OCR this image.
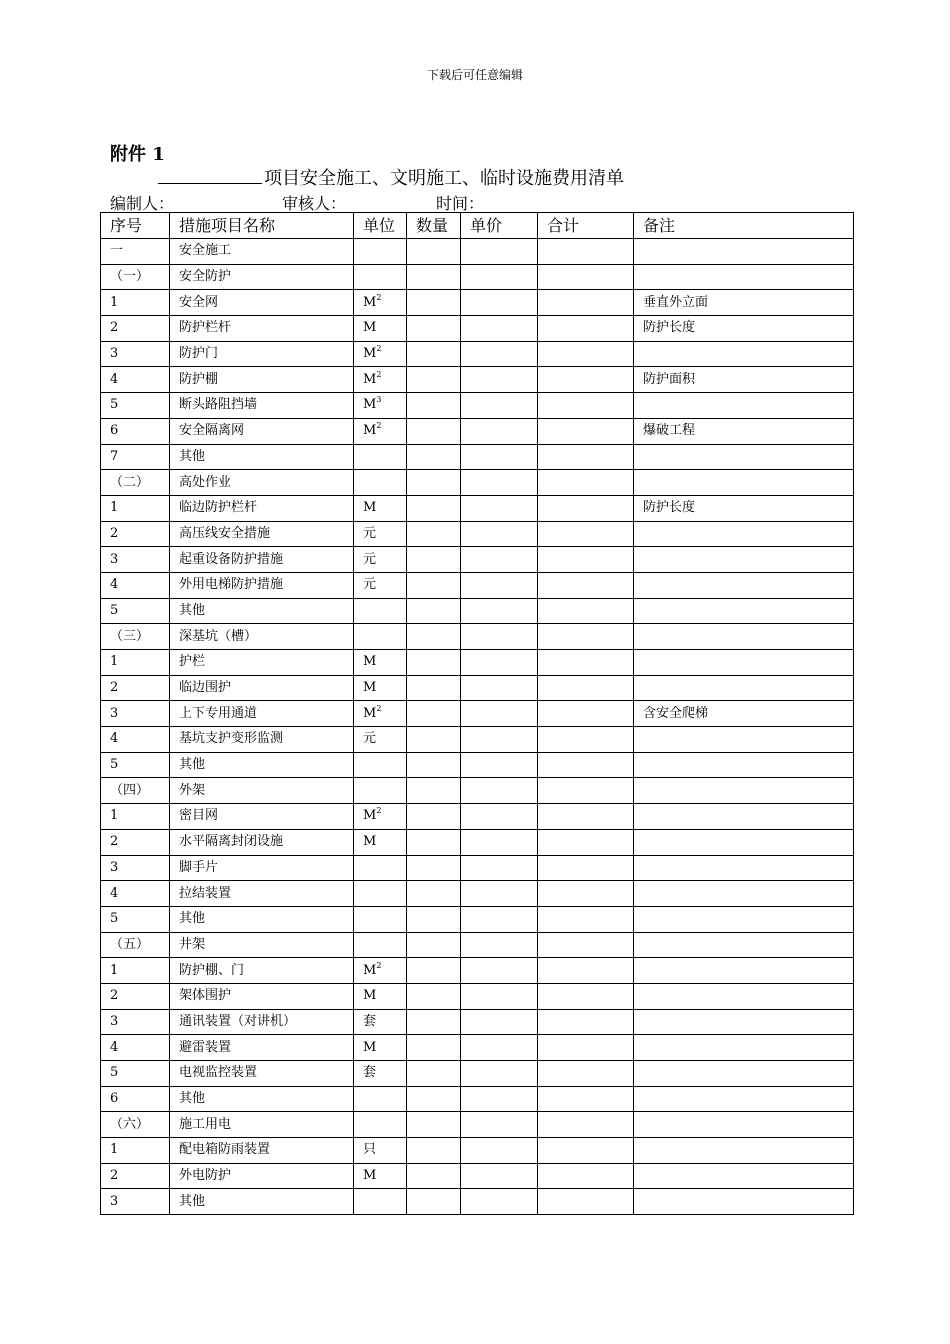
下载后可任意编辑
附件 1
项目安全施工、文明施工、临时设施费用清单
编制人：	审核人：	时间：
序号	措施项目名称	单位	数量	单价	合计	备注
一	安全施工					
（一）	安全防护					
1	安全网	$M^2$				垂直外立面
2	防护栏杆	M				防护长度
3	防护门	$M^2$				
4	防护棚	$M^2$				防护面积
5	断头路阻挡墙	$M^3$				
6	安全隔离网	$M^2$				爆破工程
7	其他					
（二）	高处作业					
1	临边防护栏杆	M				防护长度
2	高压线安全措施	元				
3	起重设备防护措施	元				
4	外用电梯防护措施	元				
5	其他					
（三）	深基坑（槽）					
1	护栏	M				
2	临边围护	M				
3	上下专用通道	$M^2$				含安全爬梯
4	基坑支护变形监测	元				
5	其他					
（四）	外架					
1	密目网	$M^2$				
2	水平隔离封闭设施	M				
3	脚手片					
4	拉结装置					
5	其他					
（五）	井架					
1	防护棚、门	$M^2$				
2	架体围护	M				
3	通讯装置（对讲机）	套				
4	避雷装置	M				
5	电视监控装置	套				
6	其他					
（六）	施工用电					
1	配电箱防雨装置	只				
2	外电防护	M				
3	其他					
